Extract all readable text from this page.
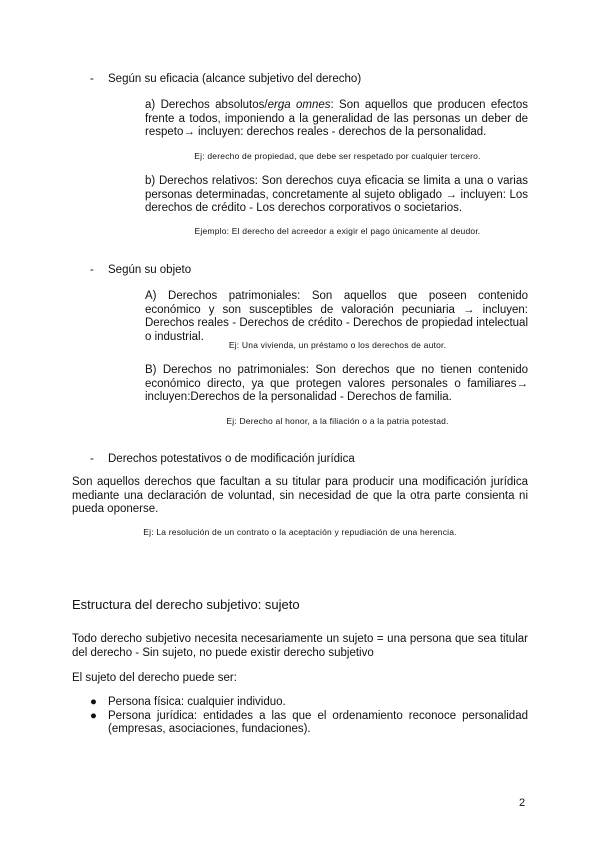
- Según su eficacia (alcance subjetivo del derecho)
a) Derechos absolutos/erga omnes: Son aquellos que producen efectos frente a todos, imponiendo a la generalidad de las personas un deber de respeto→ incluyen: derechos reales - derechos de la personalidad.
Ej: derecho de propiedad, que debe ser respetado por cualquier tercero.
b) Derechos relativos: Son derechos cuya eficacia se limita a una o varias personas determinadas, concretamente al sujeto obligado → incluyen: Los derechos de crédito - Los derechos corporativos o societarios.
Ejemplo: El derecho del acreedor a exigir el pago únicamente al deudor.
- Según su objeto
A) Derechos patrimoniales: Son aquellos que poseen contenido económico y son susceptibles de valoración pecuniaria → incluyen: Derechos reales - Derechos de crédito - Derechos de propiedad intelectual o industrial.
Ej: Una vivienda, un préstamo o los derechos de autor.
B) Derechos no patrimoniales: Son derechos que no tienen contenido económico directo, ya que protegen valores personales o familiares→ incluyen:Derechos de la personalidad - Derechos de familia.
Ej: Derecho al honor, a la filiación o a la patria potestad.
- Derechos potestativos o de modificación jurídica
Son aquellos derechos que facultan a su titular para producir una modificación jurídica mediante una declaración de voluntad, sin necesidad de que la otra parte consienta ni pueda oponerse.
Ej: La resolución de un contrato o la aceptación y repudiación de una herencia.
Estructura del derecho subjetivo: sujeto
Todo derecho subjetivo necesita necesariamente un sujeto = una persona que sea titular del derecho - Sin sujeto, no puede existir derecho subjetivo
El sujeto del derecho puede ser:
● Persona física: cualquier individuo.
● Persona jurídica: entidades a las que el ordenamiento reconoce personalidad (empresas, asociaciones, fundaciones).
2
